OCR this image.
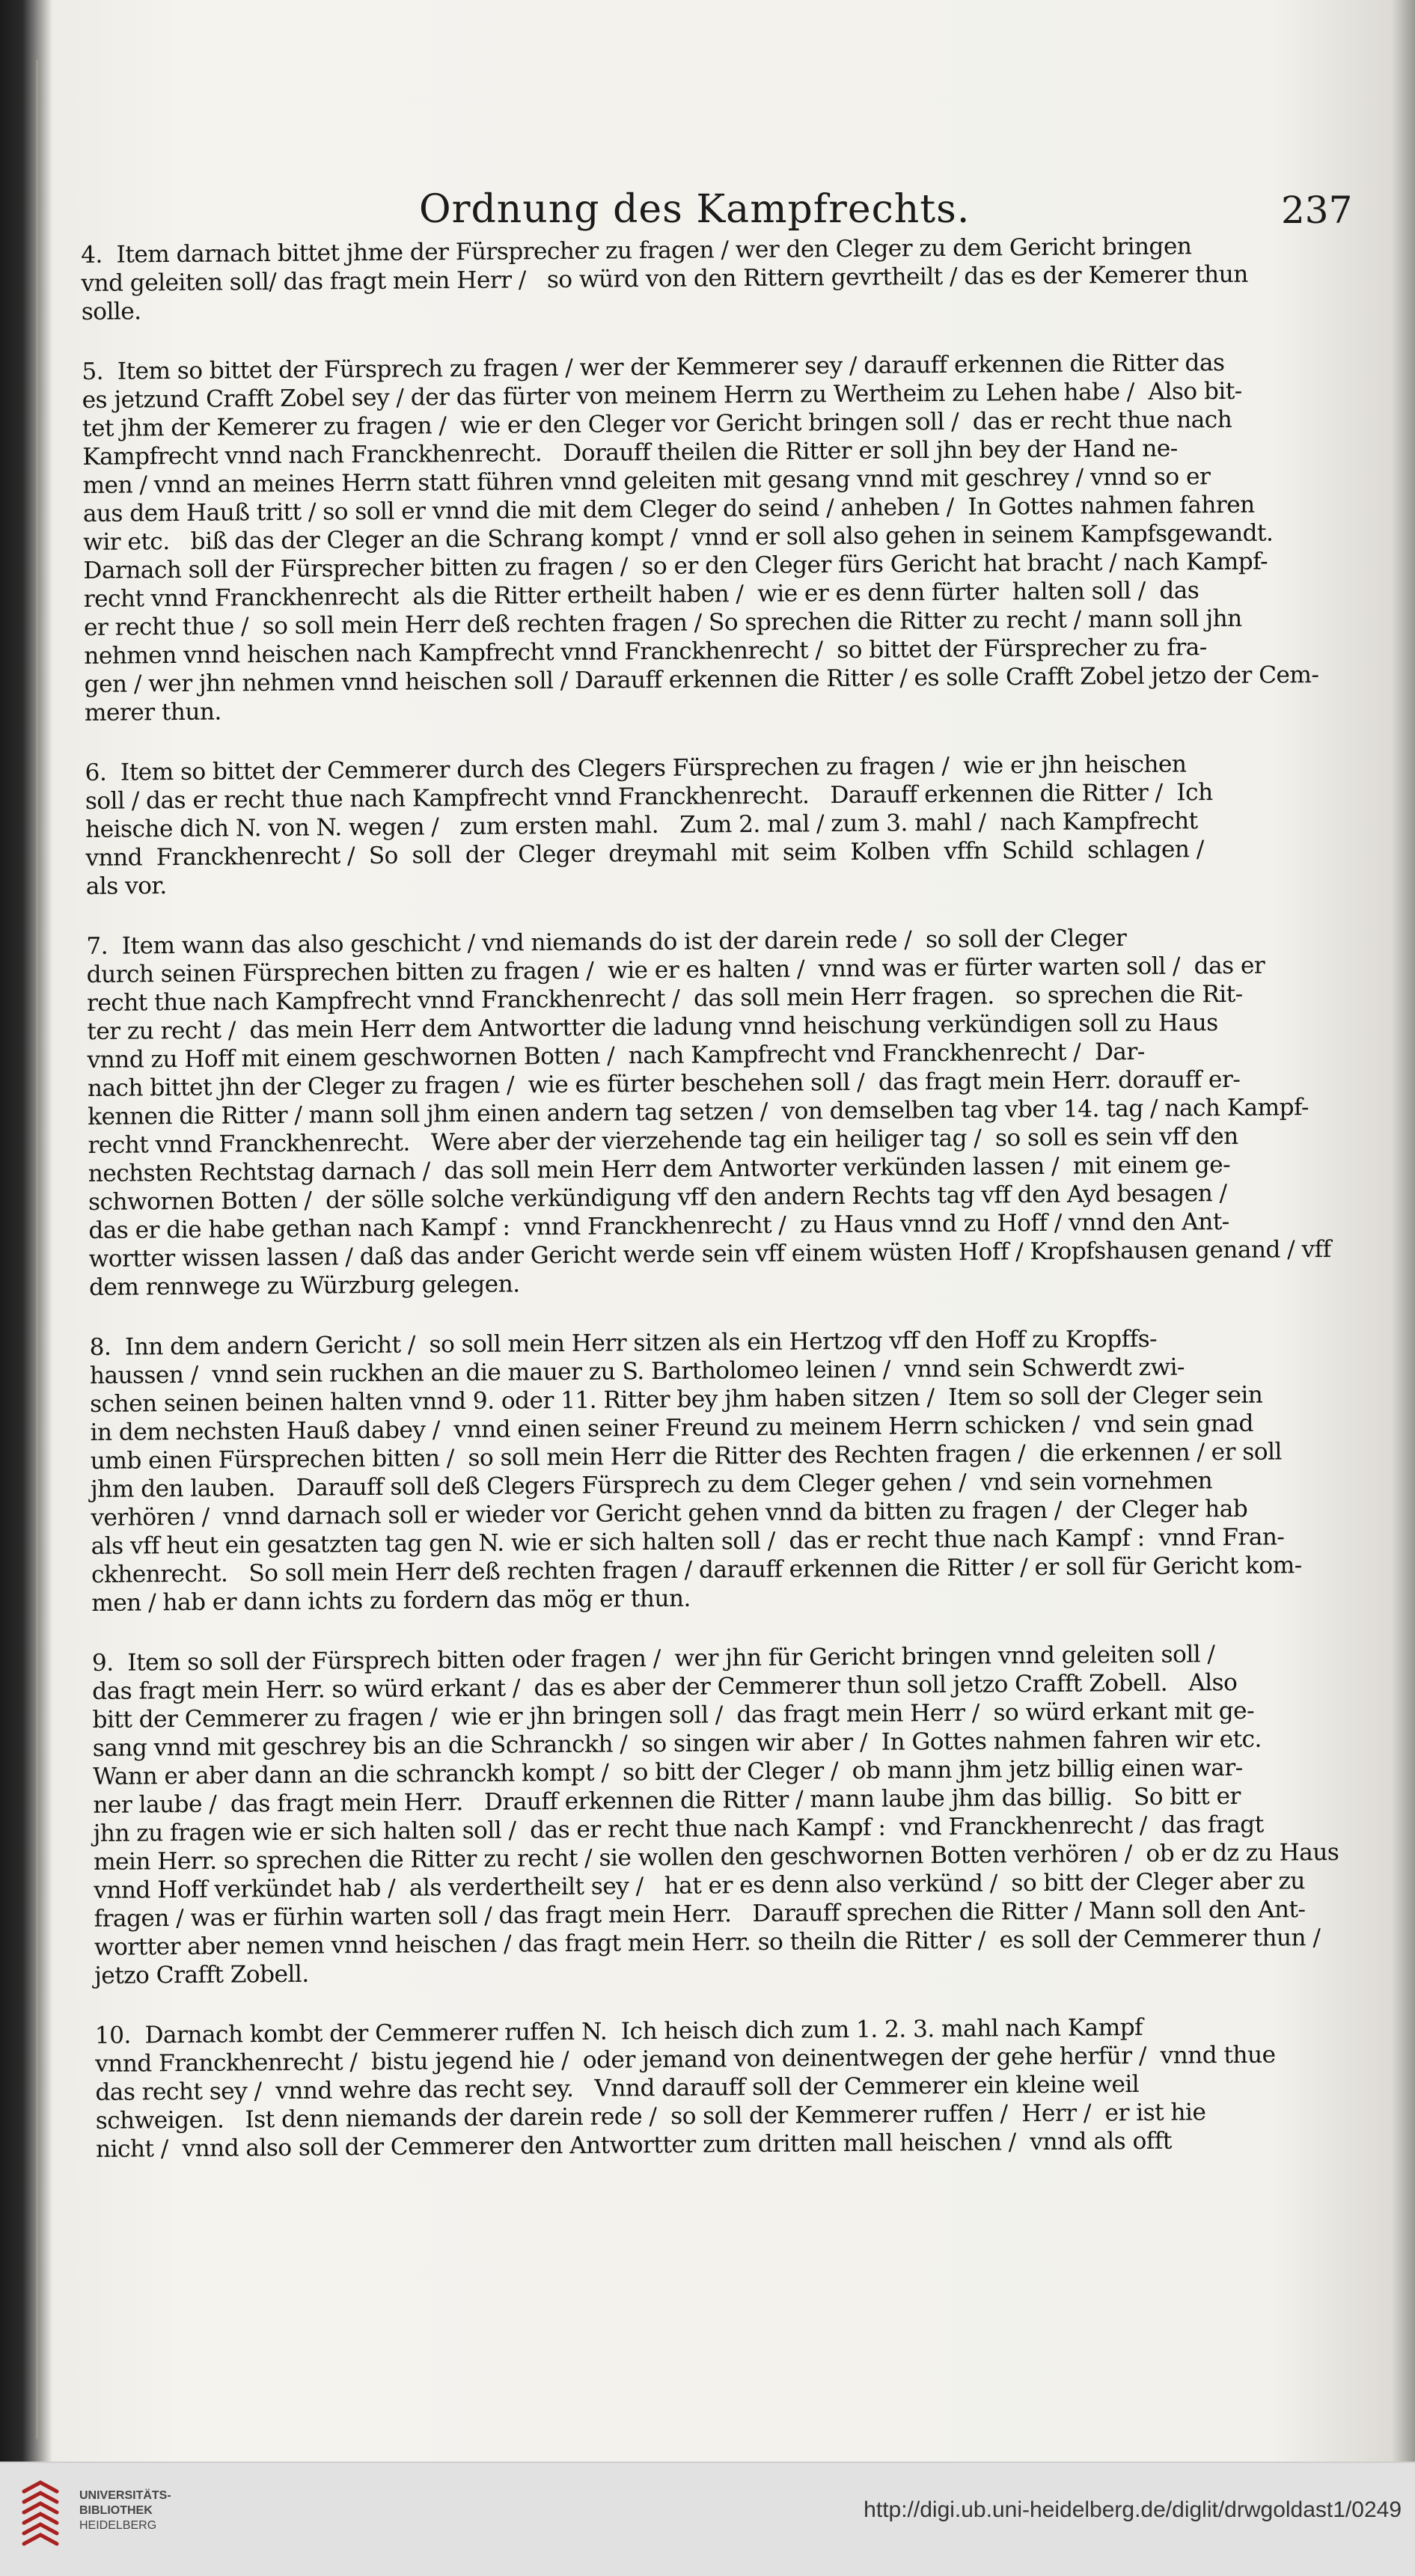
Ordnung des Kampfrechts.	237

4.  Item darnach bittet jhme der Fürsprecher zu fragen / wer den Cleger zu dem Gericht bringen
vnd geleiten soll/ das fragt mein Herr /   so würd von den Rittern gevrtheilt / das es der Kemerer thun
solle.

5.  Item so bittet der Fürsprech zu fragen / wer der Kemmerer sey / darauff erkennen die Ritter das
es jetzund Crafft Zobel sey / der das fürter von meinem Herrn zu Wertheim zu Lehen habe /  Also bit-
tet jhm der Kemerer zu fragen /  wie er den Cleger vor Gericht bringen soll /  das er recht thue nach
Kampfrecht vnnd nach Franckhenrecht.   Dorauff theilen die Ritter er soll jhn bey der Hand ne-
men / vnnd an meines Herrn statt führen vnnd geleiten mit gesang vnnd mit geschrey / vnnd so er
aus dem Hauß tritt / so soll er vnnd die mit dem Cleger do seind / anheben /  In Gottes nahmen fahren
wir etc.   biß das der Cleger an die Schrang kompt /  vnnd er soll also gehen in seinem Kampfsgewandt.
Darnach soll der Fürsprecher bitten zu fragen /  so er den Cleger fürs Gericht hat bracht / nach Kampf-
recht vnnd Franckhenrecht  als die Ritter ertheilt haben /  wie er es denn fürter  halten soll /  das
er recht thue /  so soll mein Herr deß rechten fragen / So sprechen die Ritter zu recht / mann soll jhn
nehmen vnnd heischen nach Kampfrecht vnnd Franckhenrecht /  so bittet der Fürsprecher zu fra-
gen / wer jhn nehmen vnnd heischen soll / Darauff erkennen die Ritter / es solle Crafft Zobel jetzo der Cem-
merer thun.

6.  Item so bittet der Cemmerer durch des Clegers Fürsprechen zu fragen /  wie er jhn heischen
soll / das er recht thue nach Kampfrecht vnnd Franckhenrecht.   Darauff erkennen die Ritter /  Ich
heische dich N. von N. wegen /   zum ersten mahl.   Zum 2. mal / zum 3. mahl /  nach Kampfrecht
vnnd  Franckhenrecht /  So  soll  der  Cleger  dreymahl  mit  seim  Kolben  vffn  Schild  schlagen /
als vor.

7.  Item wann das also geschicht / vnd niemands do ist der darein rede /  so soll der Cleger
durch seinen Fürsprechen bitten zu fragen /  wie er es halten /  vnnd was er fürter warten soll /  das er
recht thue nach Kampfrecht vnnd Franckhenrecht /  das soll mein Herr fragen.   so sprechen die Rit-
ter zu recht /  das mein Herr dem Antwortter die ladung vnnd heischung verkündigen soll zu Haus
vnnd zu Hoff mit einem geschwornen Botten /  nach Kampfrecht vnd Franckhenrecht /  Dar-
nach bittet jhn der Cleger zu fragen /  wie es fürter beschehen soll /  das fragt mein Herr. dorauff er-
kennen die Ritter / mann soll jhm einen andern tag setzen /  von demselben tag vber 14. tag / nach Kampf-
recht vnnd Franckhenrecht.   Were aber der vierzehende tag ein heiliger tag /  so soll es sein vff den
nechsten Rechtstag darnach /  das soll mein Herr dem Antworter verkünden lassen /  mit einem ge-
schwornen Botten /  der sölle solche verkündigung vff den andern Rechts tag vff den Ayd besagen /
das er die habe gethan nach Kampf :  vnnd Franckhenrecht /  zu Haus vnnd zu Hoff / vnnd den Ant-
wortter wissen lassen / daß das ander Gericht werde sein vff einem wüsten Hoff / Kropfshausen genand / vff
dem rennwege zu Würzburg gelegen.

8.  Inn dem andern Gericht /  so soll mein Herr sitzen als ein Hertzog vff den Hoff zu Kropffs-
haussen /  vnnd sein ruckhen an die mauer zu S. Bartholomeo leinen /  vnnd sein Schwerdt zwi-
schen seinen beinen halten vnnd 9. oder 11. Ritter bey jhm haben sitzen /  Item so soll der Cleger sein
in dem nechsten Hauß dabey /  vnnd einen seiner Freund zu meinem Herrn schicken /  vnd sein gnad
umb einen Fürsprechen bitten /  so soll mein Herr die Ritter des Rechten fragen /  die erkennen / er soll
jhm den lauben.   Darauff soll deß Clegers Fürsprech zu dem Cleger gehen /  vnd sein vornehmen
verhören /  vnnd darnach soll er wieder vor Gericht gehen vnnd da bitten zu fragen /  der Cleger hab
als vff heut ein gesatzten tag gen N. wie er sich halten soll /  das er recht thue nach Kampf :  vnnd Fran-
ckhenrecht.   So soll mein Herr deß rechten fragen / darauff erkennen die Ritter / er soll für Gericht kom-
men / hab er dann ichts zu fordern das mög er thun.

9.  Item so soll der Fürsprech bitten oder fragen /  wer jhn für Gericht bringen vnnd geleiten soll /
das fragt mein Herr. so würd erkant /  das es aber der Cemmerer thun soll jetzo Crafft Zobell.   Also
bitt der Cemmerer zu fragen /  wie er jhn bringen soll /  das fragt mein Herr /  so würd erkant mit ge-
sang vnnd mit geschrey bis an die Schranckh /  so singen wir aber /  In Gottes nahmen fahren wir etc.
Wann er aber dann an die schranckh kompt /  so bitt der Cleger /  ob mann jhm jetz billig einen war-
ner laube /  das fragt mein Herr.   Drauff erkennen die Ritter / mann laube jhm das billig.   So bitt er
jhn zu fragen wie er sich halten soll /  das er recht thue nach Kampf :  vnd Franckhenrecht /  das fragt
mein Herr. so sprechen die Ritter zu recht / sie wollen den geschwornen Botten verhören /  ob er dz zu Haus
vnnd Hoff verkündet hab /  als verdertheilt sey /   hat er es denn also verkünd /  so bitt der Cleger aber zu
fragen / was er fürhin warten soll / das fragt mein Herr.   Darauff sprechen die Ritter / Mann soll den Ant-
wortter aber nemen vnnd heischen / das fragt mein Herr. so theiln die Ritter /  es soll der Cemmerer thun /
jetzo Crafft Zobell.

10.  Darnach kombt der Cemmerer ruffen N.  Ich heisch dich zum 1. 2. 3. mahl nach Kampf
vnnd Franckhenrecht /  bistu jegend hie /  oder jemand von deinentwegen der gehe herfür /  vnnd thue
das recht sey /  vnnd wehre das recht sey.   Vnnd darauff soll der Cemmerer ein kleine weil
schweigen.   Ist denn niemands der darein rede /  so soll der Kemmerer ruffen /  Herr /  er ist hie
nicht /  vnnd also soll der Cemmerer den Antwortter zum dritten mall heischen /  vnnd als offt

UNIVERSITÄTS-
BIBLIOTHEK
HEIDELBERG
http://digi.ub.uni-heidelberg.de/diglit/drwgoldast1/0249
